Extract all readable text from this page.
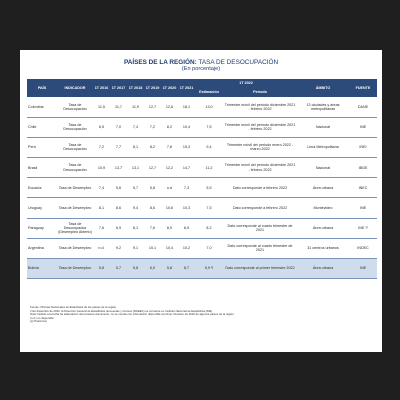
PAÍSES DE LA REGIÓN: TASA DE DESOCUPACIÓN
(En porcentaje)
PAÍS	INDICADOR	1T 2016	1T 2017	1T 2018	1T 2019	1T 2020	1T 2021	1T 2022		ÁMBITO	FUENTE
								Estimación	Periodo		
Colombia	Tasa de Desocupación	11,5	11,7	11,9	12,7	12,6	18,1	13,0	Trimestre móvil del periodo diciembre 2021 - febrero 2022	13 ciudades y áreas metropolitanas	DANE
Chile	Tasa de Desocupación	6,5	7,0	7,4	7,2	8,2	10,4	7,5	Trimestre móvil del periodo diciembre 2021 - febrero 2022	Nacional	INE
Perú	Tasa de Desocupación	7,2	7,7	8,1	8,2	7,8	15,3	9,4	Trimestre móvil del periodo enero 2022 - marzo 2022	Lima Metropolitana	INEI
Brasil	Tasa de Desocupación	10,9	13,7	13,1	12,7	12,2	14,7	11,2	Trimestre móvil del periodo diciembre 2021 - febrero 2022	Nacional	IBGE
Ecuador	Tasa de Desempleo	7,4	5,6	5,7	5,8	n.d	7,3	5,5	Dato corresponde a febrero 2022	Área urbana	INEC
Uruguay	Tasa de Desempleo	8,1	8,6	9,4	8,6	10,6	10,3	7,5	Dato corresponde a febrero 2022	Montevideo	INE
Paraguay	Tasa de Desocupados (Desempleo Abierto)	7,6	6,9	8,1	7,6	8,9	8,9	8,2	Dato corresponde al cuarto trimestre de 2021	Área urbana	INE ¹/
Argentina	Tasa de Desempleo	n.d.	9,2	9,1	10,1	10,4	10,2	7,0	Dato corresponde al cuarto trimestre de 2021	31 centros urbanos	INDEC
Bolivia	Tasa de Desempleo	5,8	5,7	5,8	6,0	5,8	8,7	5,9 ²/	Dato corresponde al primer trimestre 2022	Área urbana	INE
Fuente: Oficinas Nacionales de Estadística de los países de la región.
¹/ En diciembre de 2020, la Dirección General de Estadística, Encuestas y Censos (DGEEC) se convierte en Instituto Nacional de Estadística (INE).
Nota: Debido a la fecha de elaboración del presente documento, no se cuenta con información disponible al primer trimestre de 2022 de algunos países de la región.
(n.d.) no disponible
(p) Preliminar
